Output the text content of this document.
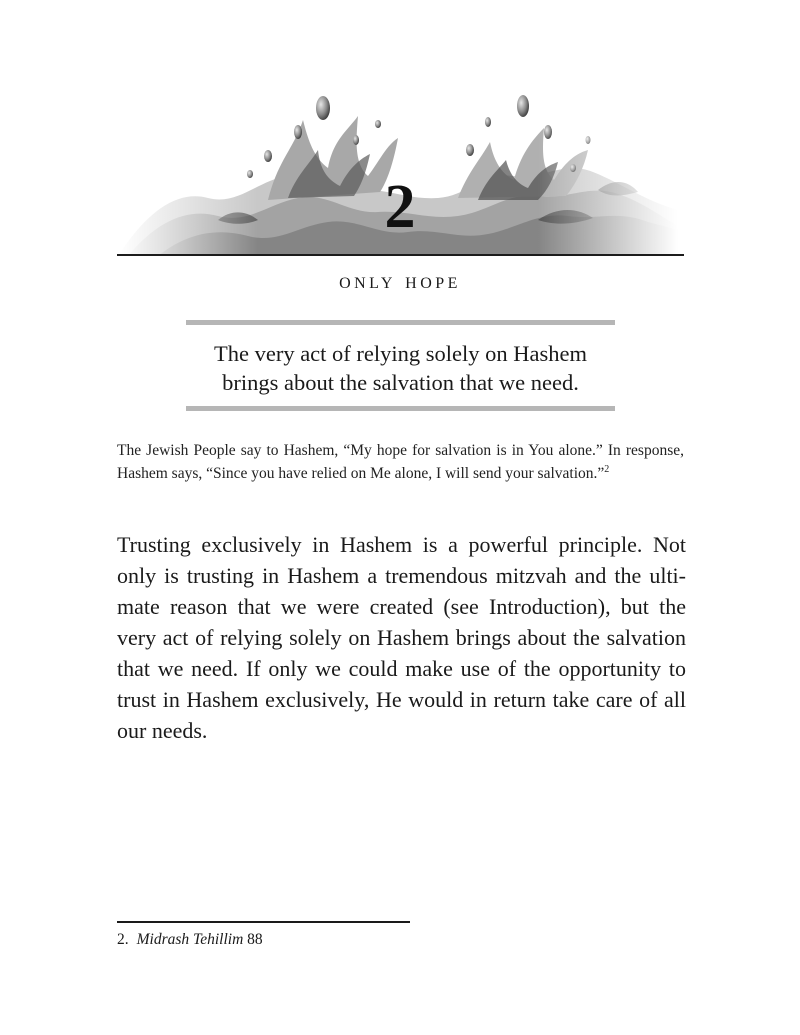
2
only hope
The very act of relying solely on Hashem
brings about the salvation that we need.
The Jewish People say to Hashem, “My hope for salvation is in You alone.” In response, Hashem says, “Since you have relied on Me alone, I will send your salvation.”$^2$
Trusting exclusively in Hashem is a powerful principle. Not only is trusting in Hashem a tremendous mitzvah and the ultimate reason that we were created (see Introduction), but the very act of relying solely on Hashem brings about the salvation that we need. If only we could make use of the opportunity to trust in Hashem exclusively, He would in return take care of all our needs.
2. Midrash Tehillim 88
